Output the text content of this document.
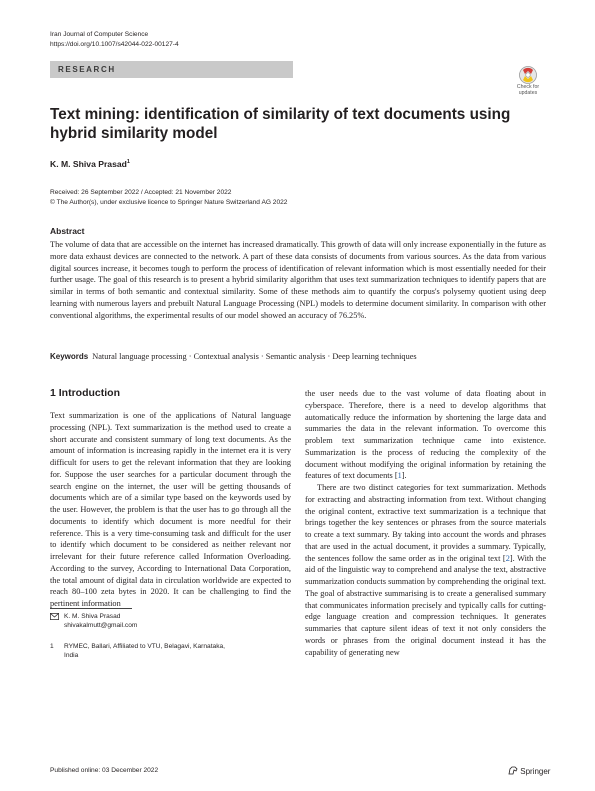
Iran Journal of Computer Science
https://doi.org/10.1007/s42044-022-00127-4
RESEARCH
Check for
updates
Text mining: identification of similarity of text documents using hybrid similarity model
K. M. Shiva Prasad$^1$
Received: 26 September 2022 / Accepted: 21 November 2022
© The Author(s), under exclusive licence to Springer Nature Switzerland AG 2022
Abstract
The volume of data that are accessible on the internet has increased dramatically. This growth of data will only increase exponentially in the future as more data exhaust devices are connected to the network. A part of these data consists of documents from various sources. As the data from various digital sources increase, it becomes tough to perform the process of identification of relevant information which is most essentially needed for their further usage. The goal of this research is to present a hybrid similarity algorithm that uses text summarization techniques to identify papers that are similar in terms of both semantic and contextual similarity. Some of these methods aim to quantify the corpus's polysemy quotient using deep learning with numerous layers and prebuilt Natural Language Processing (NPL) models to determine document similarity. In comparison with other conventional algorithms, the experimental results of our model showed an accuracy of 76.25%.
Keywords Natural language processing · Contextual analysis · Semantic analysis · Deep learning techniques
1 Introduction

Text summarization is one of the applications of Natural language processing (NPL). Text summarization is the method used to create a short accurate and consistent summary of long text documents. As the amount of information is increasing rapidly in the internet era it is very difficult for users to get the relevant information that they are looking for. Suppose the user searches for a particular document through the search engine on the internet, the user will be getting thousands of documents which are of a similar type based on the keywords used by the user. However, the problem is that the user has to go through all the documents to identify which document is more needful for their reference. This is a very time-consuming task and difficult for the user to identify which document to be considered as neither relevant nor irrelevant for their future reference called Information Overloading. According to the survey, According to International Data Corporation, the total amount of digital data in circulation worldwide are expected to reach 80–100 zeta bytes in 2020. It can be challenging to find the pertinent information

the user needs due to the vast volume of data floating about in cyberspace. Therefore, there is a need to develop algorithms that automatically reduce the information by shortening the large data and summaries the data in the relevant information. To overcome this problem text summarization technique came into existence. Summarization is the process of reducing the complexity of the document without modifying the original information by retaining the features of text documents [1].

There are two distinct categories for text summarization. Methods for extracting and abstracting information from text. Without changing the original content, extractive text summarization is a technique that brings together the key sentences or phrases from the source materials to create a text summary. By taking into account the words and phrases that are used in the actual document, it provides a summary. Typically, the sentences follow the same order as in the original text [2]. With the aid of the linguistic way to comprehend and analyse the text, abstractive summarization conducts summation by comprehending the original text. The goal of abstractive summarising is to create a generalised summary that communicates information precisely and typically calls for cutting-edge language creation and compression techniques. It generates summaries that capture silent ideas of text it not only considers the words or phrases from the original document instead it has the capability of generating new

K. M. Shiva Prasad
shivakalmutt@gmail.com
1 RYMEC, Ballari, Affiliated to VTU, Belagavi, Karnataka,
India
Published online: 03 December 2022	Springer
